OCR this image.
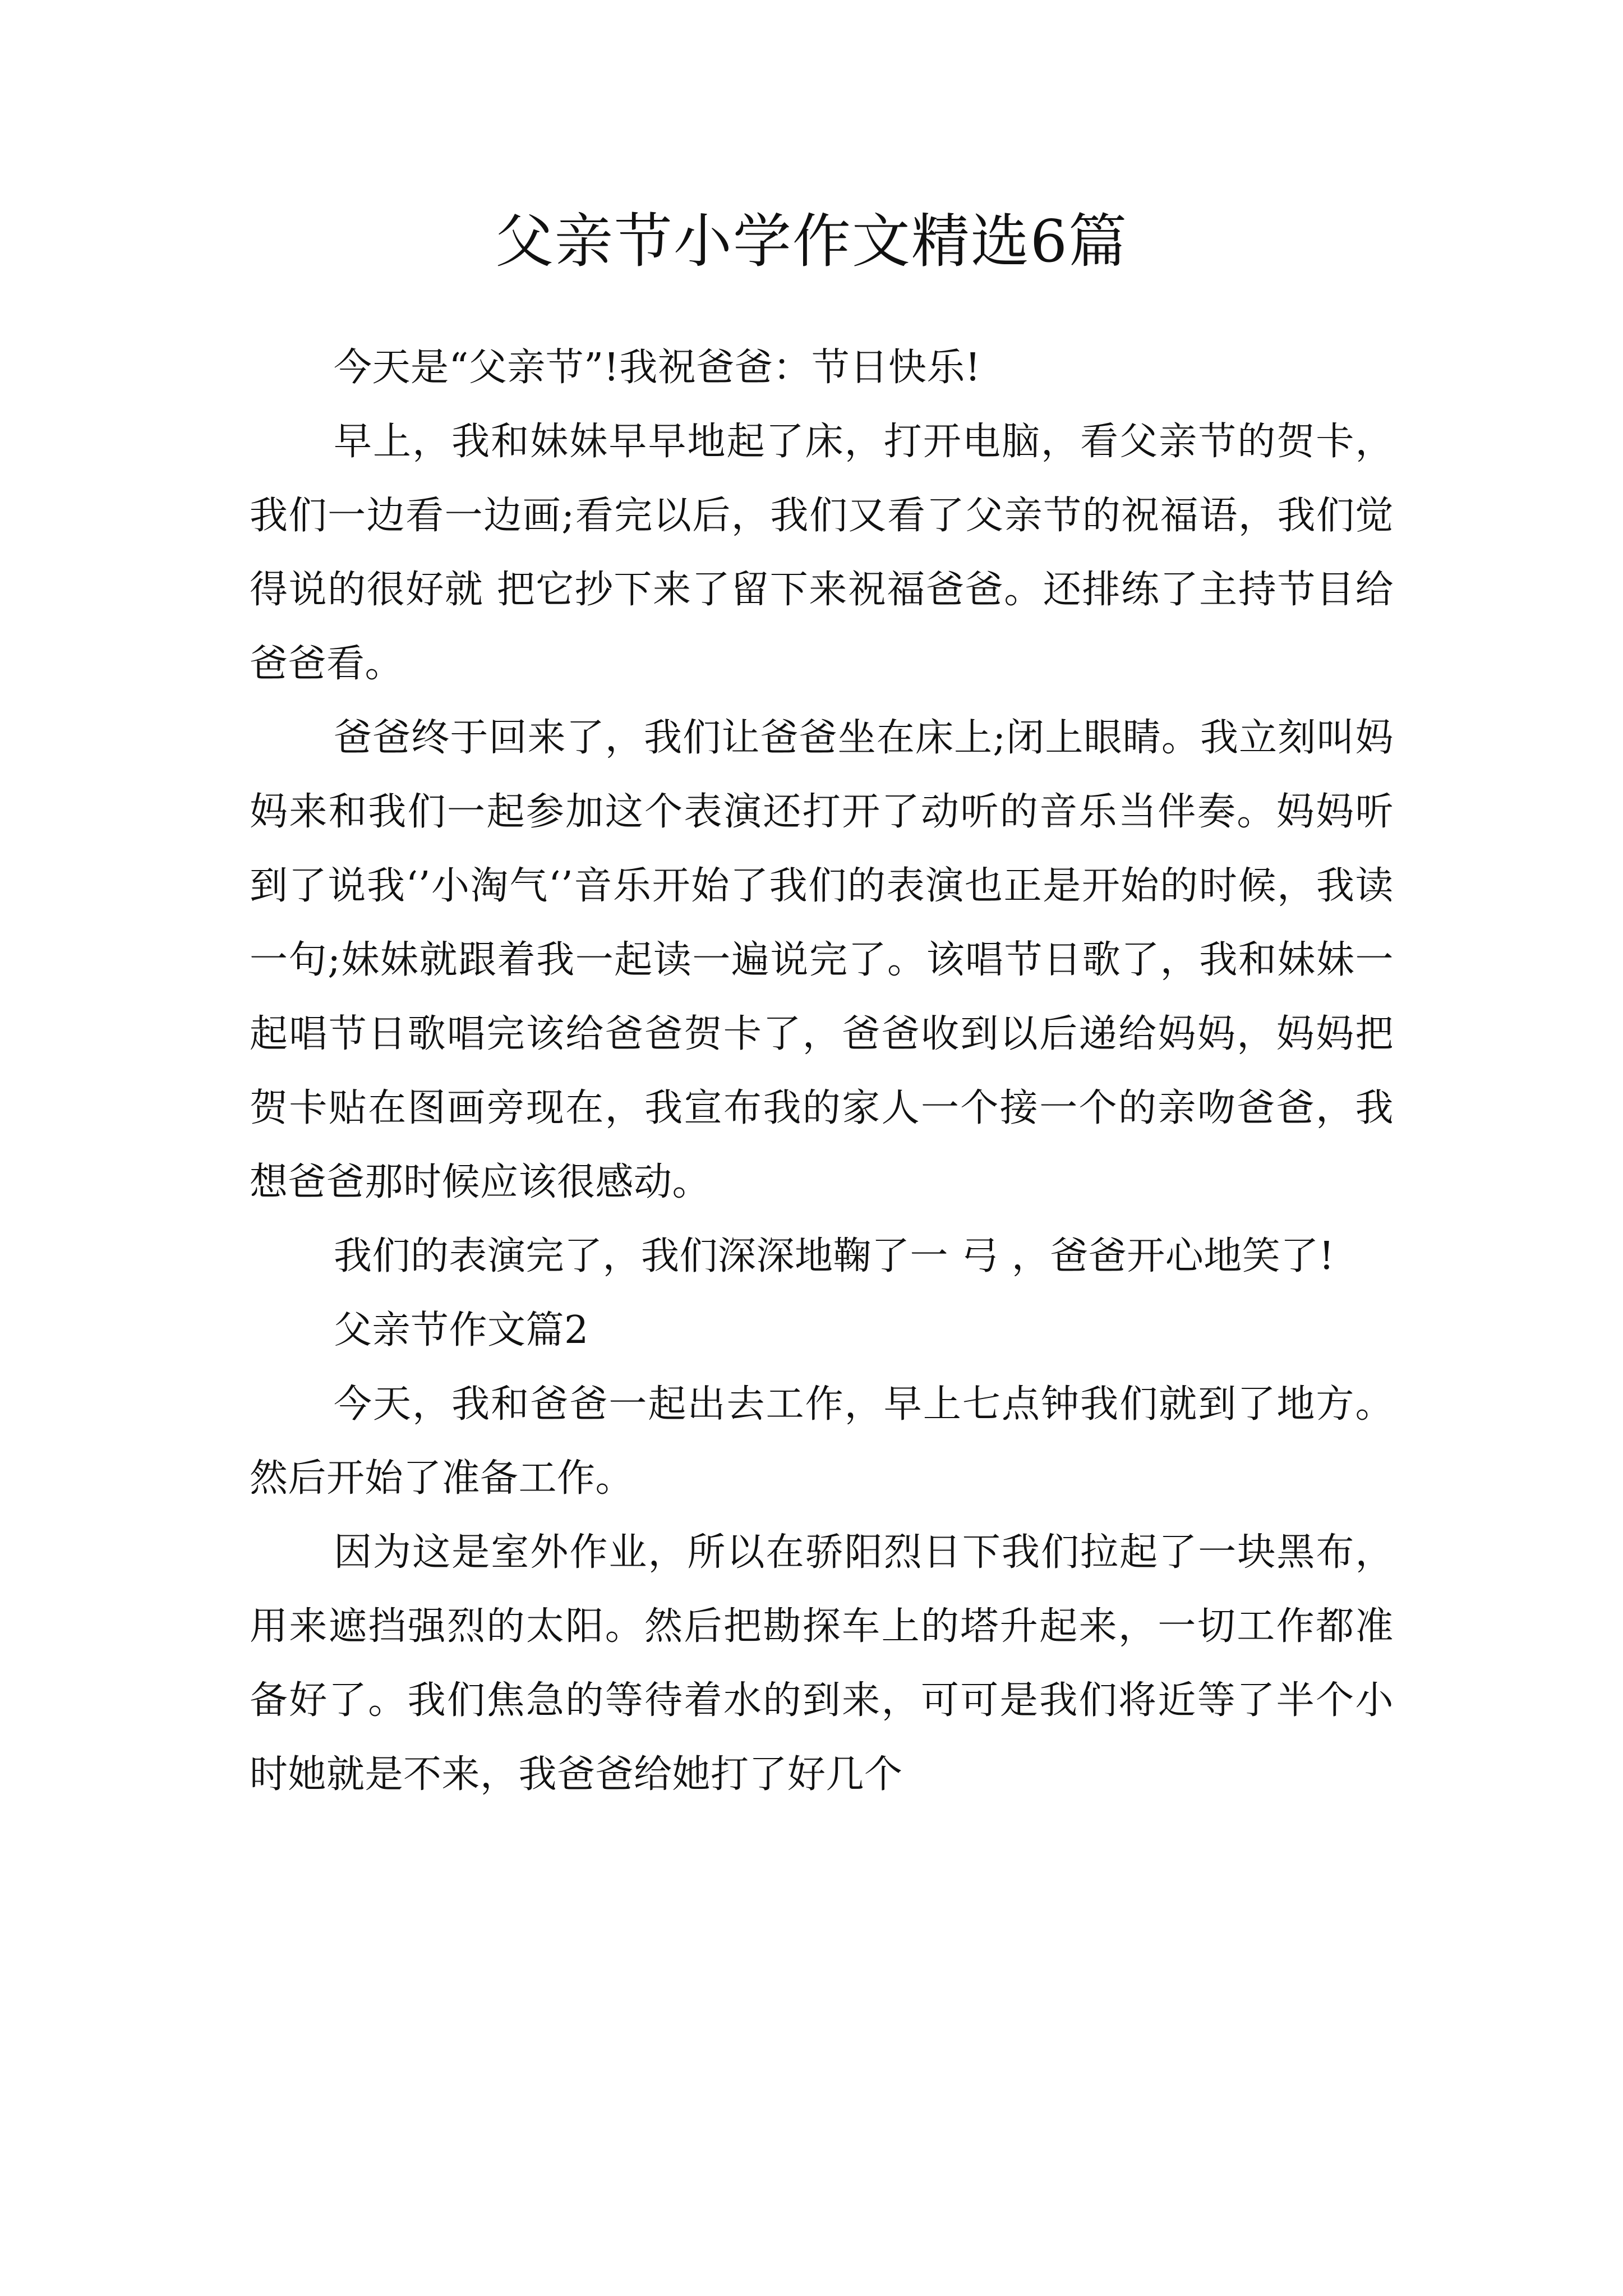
父亲节小学作文精选6篇

今天是“父亲节”!我祝爸爸：节日快乐!

早上，我和妹妹早早地起了床，打开电脑，看父亲节的贺卡，我们一边看一边画;看完以后，我们又看了父亲节的祝福语，我们觉得说的很好就 把它抄下来了留下来祝福爸爸。还排练了主持节目给爸爸看。

爸爸终于回来了，我们让爸爸坐在床上;闭上眼睛。我立刻叫妈妈来和我们一起参加这个表演还打开了动听的音乐当伴奏。妈妈听到了说我‘’小淘气‘’音乐开始了我们的表演也正是开始的时候，我读一句;妹妹就跟着我一起读一遍说完了。该唱节日歌了，我和妹妹一起唱节日歌唱完该给爸爸贺卡了，爸爸收到以后递给妈妈，妈妈把贺卡贴在图画旁现在，我宣布我的家人一个接一个的亲吻爸爸，我想爸爸那时候应该很感动。

我们的表演完了，我们深深地鞠了一 弓 ，爸爸开心地笑了!

父亲节作文篇2

今天，我和爸爸一起出去工作，早上七点钟我们就到了地方。然后开始了准备工作。

因为这是室外作业，所以在骄阳烈日下我们拉起了一块黑布，用来遮挡强烈的太阳。然后把勘探车上的塔升起来，一切工作都准备好了。我们焦急的等待着水的到来，可可是我们将近等了半个小时她就是不来，我爸爸给她打了好几个
